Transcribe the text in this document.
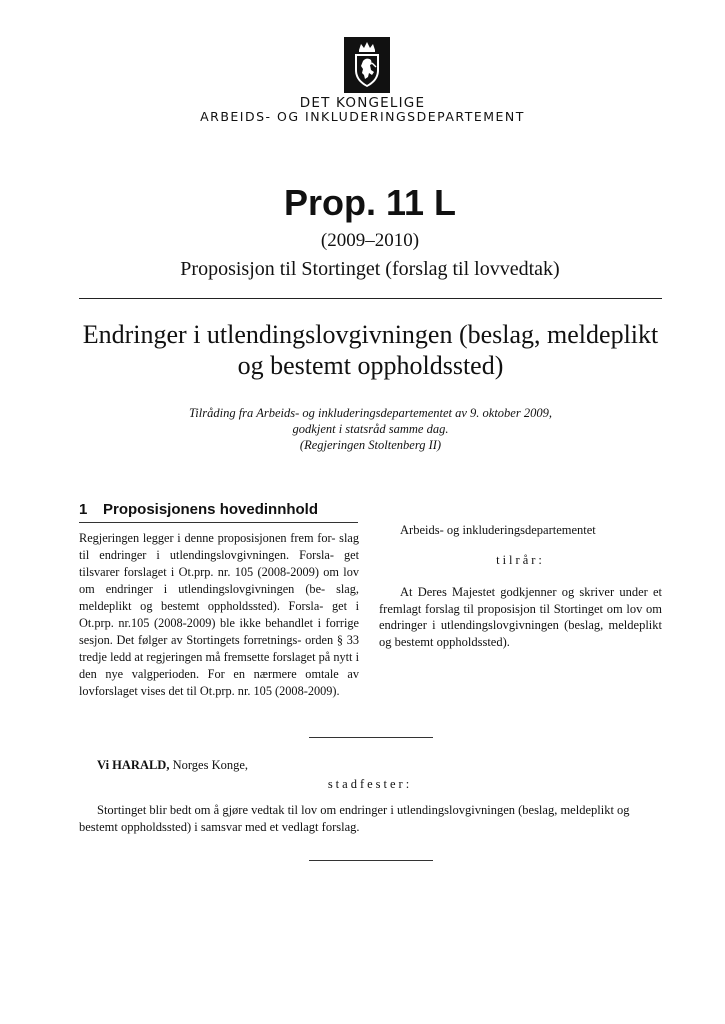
DET KONGELIGE
ARBEIDS- OG INKLUDERINGSDEPARTEMENT
Prop. 11 L
(2009–2010)
Proposisjon til Stortinget (forslag til lovvedtak)
Endringer i utlendingslovgivningen (beslag, meldeplikt og bestemt oppholdssted)
Tilråding fra Arbeids- og inkluderingsdepartementet av 9. oktober 2009,
godkjent i statsråd samme dag.
(Regjeringen Stoltenberg II)
1 Proposisjonens hovedinnhold
Regjeringen legger i denne proposisjonen frem for- slag til endringer i utlendingslovgivningen. Forsla- get tilsvarer forslaget i Ot.prp. nr. 105 (2008-2009) om lov om endringer i utlendingslovgivningen (be- slag, meldeplikt og bestemt oppholdssted). Forsla- get i Ot.prp. nr.105 (2008-2009) ble ikke behandlet i forrige sesjon. Det følger av Stortingets forretnings- orden § 33 tredje ledd at regjeringen må fremsette forslaget på nytt i den nye valgperioden. For en nærmere omtale av lovforslaget vises det til Ot.prp. nr. 105 (2008-2009).
Arbeids- og inkluderingsdepartementet
tilrår:
At Deres Majestet godkjenner og skriver under et fremlagt forslag til proposisjon til Stortinget om lov om endringer i utlendingslovgivningen (beslag, meldeplikt og bestemt oppholdssted).
Vi HARALD, Norges Konge,
stadfester:
Stortinget blir bedt om å gjøre vedtak til lov om endringer i utlendingslovgivningen (beslag, meldeplikt og bestemt oppholdssted) i samsvar med et vedlagt forslag.
